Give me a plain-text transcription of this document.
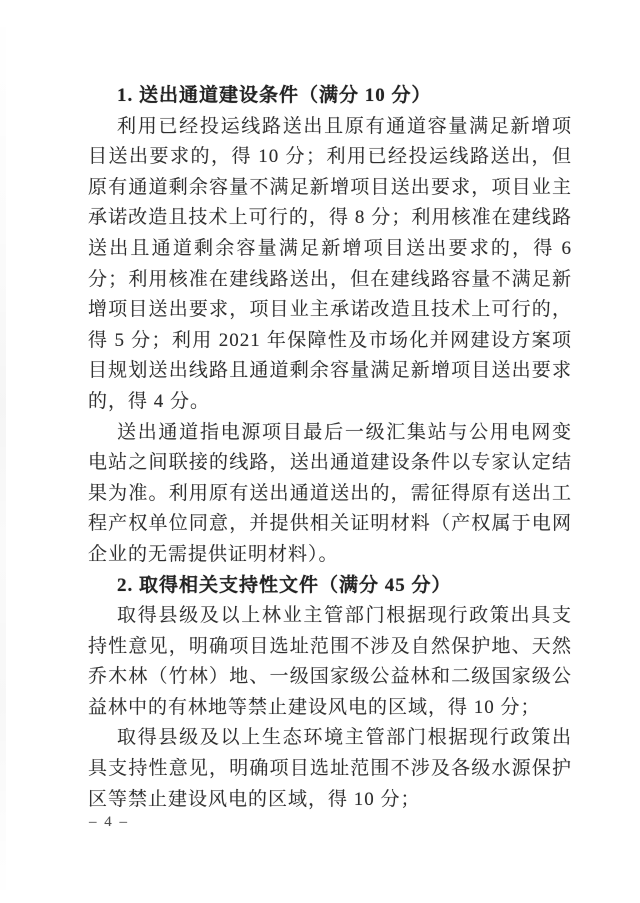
1. 送出通道建设条件（满分 10 分）

利用已经投运线路送出且原有通道容量满足新增项目送出要求的，得 10 分；利用已经投运线路送出，但原有通道剩余容量不满足新增项目送出要求，项目业主承诺改造且技术上可行的，得 8 分；利用核准在建线路送出且通道剩余容量满足新增项目送出要求的，得 6 分；利用核准在建线路送出，但在建线路容量不满足新增项目送出要求，项目业主承诺改造且技术上可行的，得 5 分；利用 2021 年保障性及市场化并网建设方案项目规划送出线路且通道剩余容量满足新增项目送出要求的，得 4 分。

送出通道指电源项目最后一级汇集站与公用电网变电站之间联接的线路，送出通道建设条件以专家认定结果为准。利用原有送出通道送出的，需征得原有送出工程产权单位同意，并提供相关证明材料（产权属于电网企业的无需提供证明材料）。

2. 取得相关支持性文件（满分 45 分）

取得县级及以上林业主管部门根据现行政策出具支持性意见，明确项目选址范围不涉及自然保护地、天然乔木林（竹林）地、一级国家级公益林和二级国家级公益林中的有林地等禁止建设风电的区域，得 10 分；

取得县级及以上生态环境主管部门根据现行政策出具支持性意见，明确项目选址范围不涉及各级水源保护区等禁止建设风电的区域，得 10 分；

– 4 –
